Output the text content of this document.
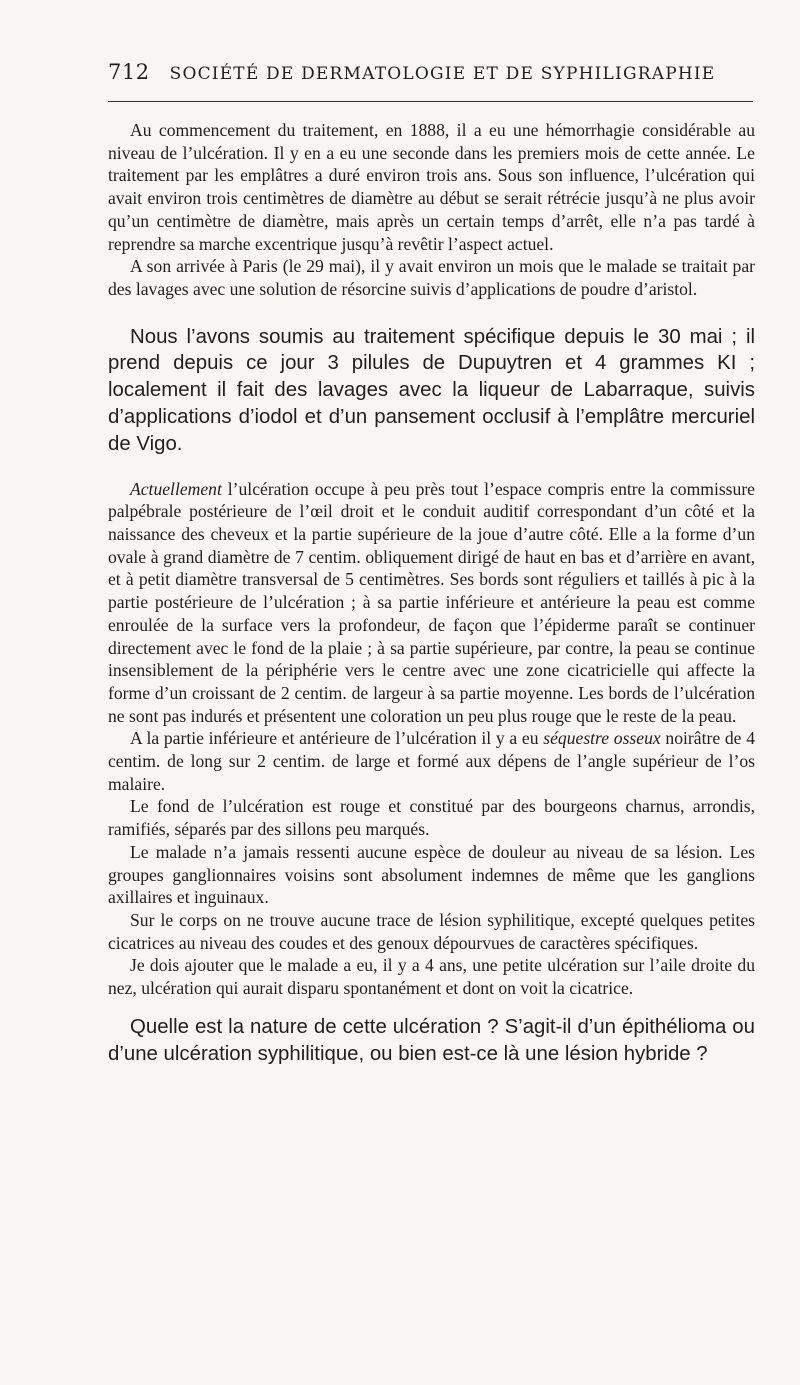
712 SOCIÉTÉ DE DERMATOLOGIE ET DE SYPHILIGRAPHIE

Au commencement du traitement, en 1888, il a eu une hémorrhagie considérable au niveau de l’ulcération. Il y en a eu une seconde dans les premiers mois de cette année. Le traitement par les emplâtres a duré environ trois ans. Sous son influence, l’ulcération qui avait environ trois centimètres de diamètre au début se serait rétrécie jusqu’à ne plus avoir qu’un centimètre de diamètre, mais après un certain temps d’arrêt, elle n’a pas tardé à reprendre sa marche excentrique jusqu’à revêtir l’aspect actuel.

A son arrivée à Paris (le 29 mai), il y avait environ un mois que le malade se traitait par des lavages avec une solution de résorcine suivis d’applications de poudre d’aristol.

Nous l’avons soumis au traitement spécifique depuis le 30 mai ; il prend depuis ce jour 3 pilules de Dupuytren et 4 grammes KI ; localement il fait des lavages avec la liqueur de Labarraque, suivis d’applications d’iodol et d’un pansement occlusif à l’emplâtre mercuriel de Vigo.

Actuellement l’ulcération occupe à peu près tout l’espace compris entre la commissure palpébrale postérieure de l’œil droit et le conduit auditif correspondant d’un côté et la naissance des cheveux et la partie supérieure de la joue d’autre côté. Elle a la forme d’un ovale à grand diamètre de 7 centim. obliquement dirigé de haut en bas et d’arrière en avant, et à petit diamètre transversal de 5 centimètres. Ses bords sont réguliers et taillés à pic à la partie postérieure de l’ulcération ; à sa partie inférieure et antérieure la peau est comme enroulée de la surface vers la profondeur, de façon que l’épiderme paraît se continuer directement avec le fond de la plaie ; à sa partie supérieure, par contre, la peau se continue insensiblement de la périphérie vers le centre avec une zone cicatricielle qui affecte la forme d’un croissant de 2 centim. de largeur à sa partie moyenne. Les bords de l’ulcération ne sont pas indurés et présentent une coloration un peu plus rouge que le reste de la peau.

A la partie inférieure et antérieure de l’ulcération il y a eu séquestre osseux noirâtre de 4 centim. de long sur 2 centim. de large et formé aux dépens de l’angle supérieur de l’os malaire.

Le fond de l’ulcération est rouge et constitué par des bourgeons charnus, arrondis, ramifiés, séparés par des sillons peu marqués.

Le malade n’a jamais ressenti aucune espèce de douleur au niveau de sa lésion. Les groupes ganglionnaires voisins sont absolument indemnes de même que les ganglions axillaires et inguinaux.

Sur le corps on ne trouve aucune trace de lésion syphilitique, excepté quelques petites cicatrices au niveau des coudes et des genoux dépourvues de caractères spécifiques.

Je dois ajouter que le malade a eu, il y a 4 ans, une petite ulcération sur l’aile droite du nez, ulcération qui aurait disparu spontanément et dont on voit la cicatrice.

Quelle est la nature de cette ulcération ? S’agit-il d’un épithélioma ou d’une ulcération syphilitique, ou bien est-ce là une lésion hybride ?
